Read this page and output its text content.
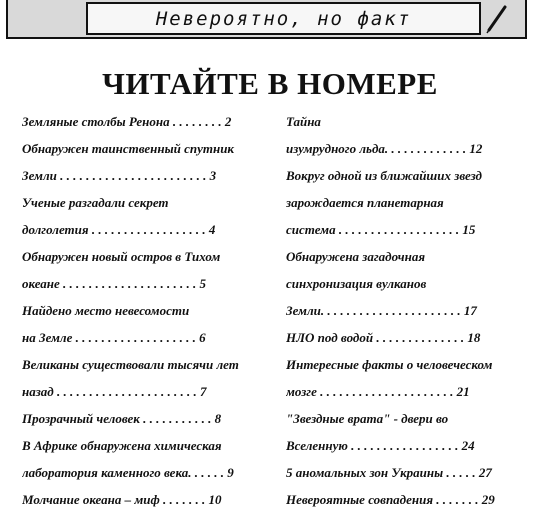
Невероятно, но факт
ЧИТАЙТЕ В НОМЕРЕ
Земляные столбы Ренона . . . . . . . . 2
Обнаружен таинственный спутник
Земли . . . . . . . . . . . . . . . . . . . . . . . 3
Ученые разгадали секрет
долголетия . . . . . . . . . . . . . . . . . . 4
Обнаружен новый остров в Тихом
океане . . . . . . . . . . . . . . . . . . . . . 5
Найдено место невесомости
на Земле . . . . . . . . . . . . . . . . . . . 6
Великаны существовали тысячи лет
назад . . . . . . . . . . . . . . . . . . . . . . 7
Прозрачный человек . . . . . . . . . . . 8
В Африке обнаружена химическая
лаборатория каменного века. . . . . . 9
Молчание океана – миф . . . . . . . 10
Тайна
изумрудного льда. . . . . . . . . . . . . 12
Вокруг одной из ближайших звезд
зарождается планетарная
система . . . . . . . . . . . . . . . . . . . 15
Обнаружена загадочная
синхронизация вулканов
Земли. . . . . . . . . . . . . . . . . . . . . . 17
НЛО под водой . . . . . . . . . . . . . . 18
Интересные факты о человеческом
мозге . . . . . . . . . . . . . . . . . . . . . 21
"Звездные врата" - двери во
Вселенную . . . . . . . . . . . . . . . . . 24
5 аномальных зон Украины . . . . . 27
Невероятные совпадения . . . . . . . 29
